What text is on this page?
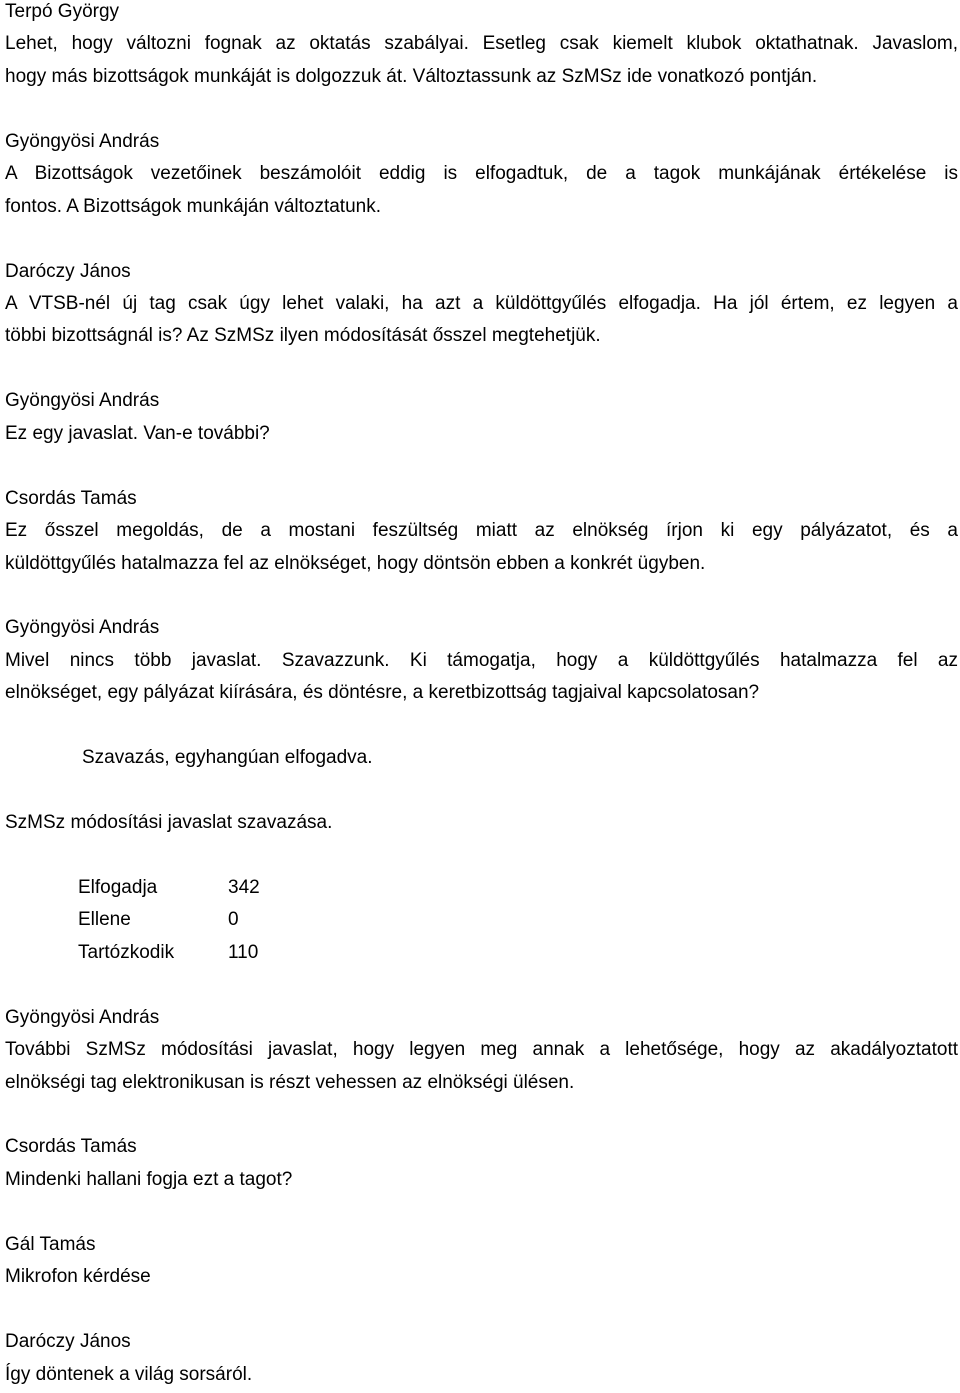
Terpó György
Lehet, hogy változni fognak az oktatás szabályai. Esetleg csak kiemelt klubok oktathatnak. Javaslom,
hogy más bizottságok munkáját is dolgozzuk át. Változtassunk az SzMSz ide vonatkozó pontján.
Gyöngyösi András
A Bizottságok vezetőinek beszámolóit eddig is elfogadtuk, de a tagok munkájának értékelése is
fontos. A Bizottságok munkáján változtatunk.
Daróczy János
A VTSB-nél új tag csak úgy lehet valaki, ha azt a küldöttgyűlés elfogadja. Ha jól értem, ez legyen a
többi bizottságnál is? Az SzMSz ilyen módosítását ősszel megtehetjük.
Gyöngyösi András
Ez egy javaslat. Van-e további?
Csordás Tamás
Ez ősszel megoldás, de a mostani feszültség miatt az elnökség írjon ki egy pályázatot, és a
küldöttgyűlés hatalmazza fel az elnökséget, hogy döntsön ebben a konkrét ügyben.
Gyöngyösi András
Mivel nincs több javaslat. Szavazzunk. Ki támogatja, hogy a küldöttgyűlés hatalmazza fel az
elnökséget, egy pályázat kiírására, és döntésre, a keretbizottság tagjaival kapcsolatosan?
Szavazás, egyhangúan elfogadva.
SzMSz módosítási javaslat szavazása.
Elfogadja	342
Ellene	0
Tartózkodik	110
Gyöngyösi András
További SzMSz módosítási javaslat, hogy legyen meg annak a lehetősége, hogy az akadályoztatott
elnökségi tag elektronikusan is részt vehessen az elnökségi ülésen.
Csordás Tamás
Mindenki hallani fogja ezt a tagot?
Gál Tamás
Mikrofon kérdése
Daróczy János
Így döntenek a világ sorsáról.
